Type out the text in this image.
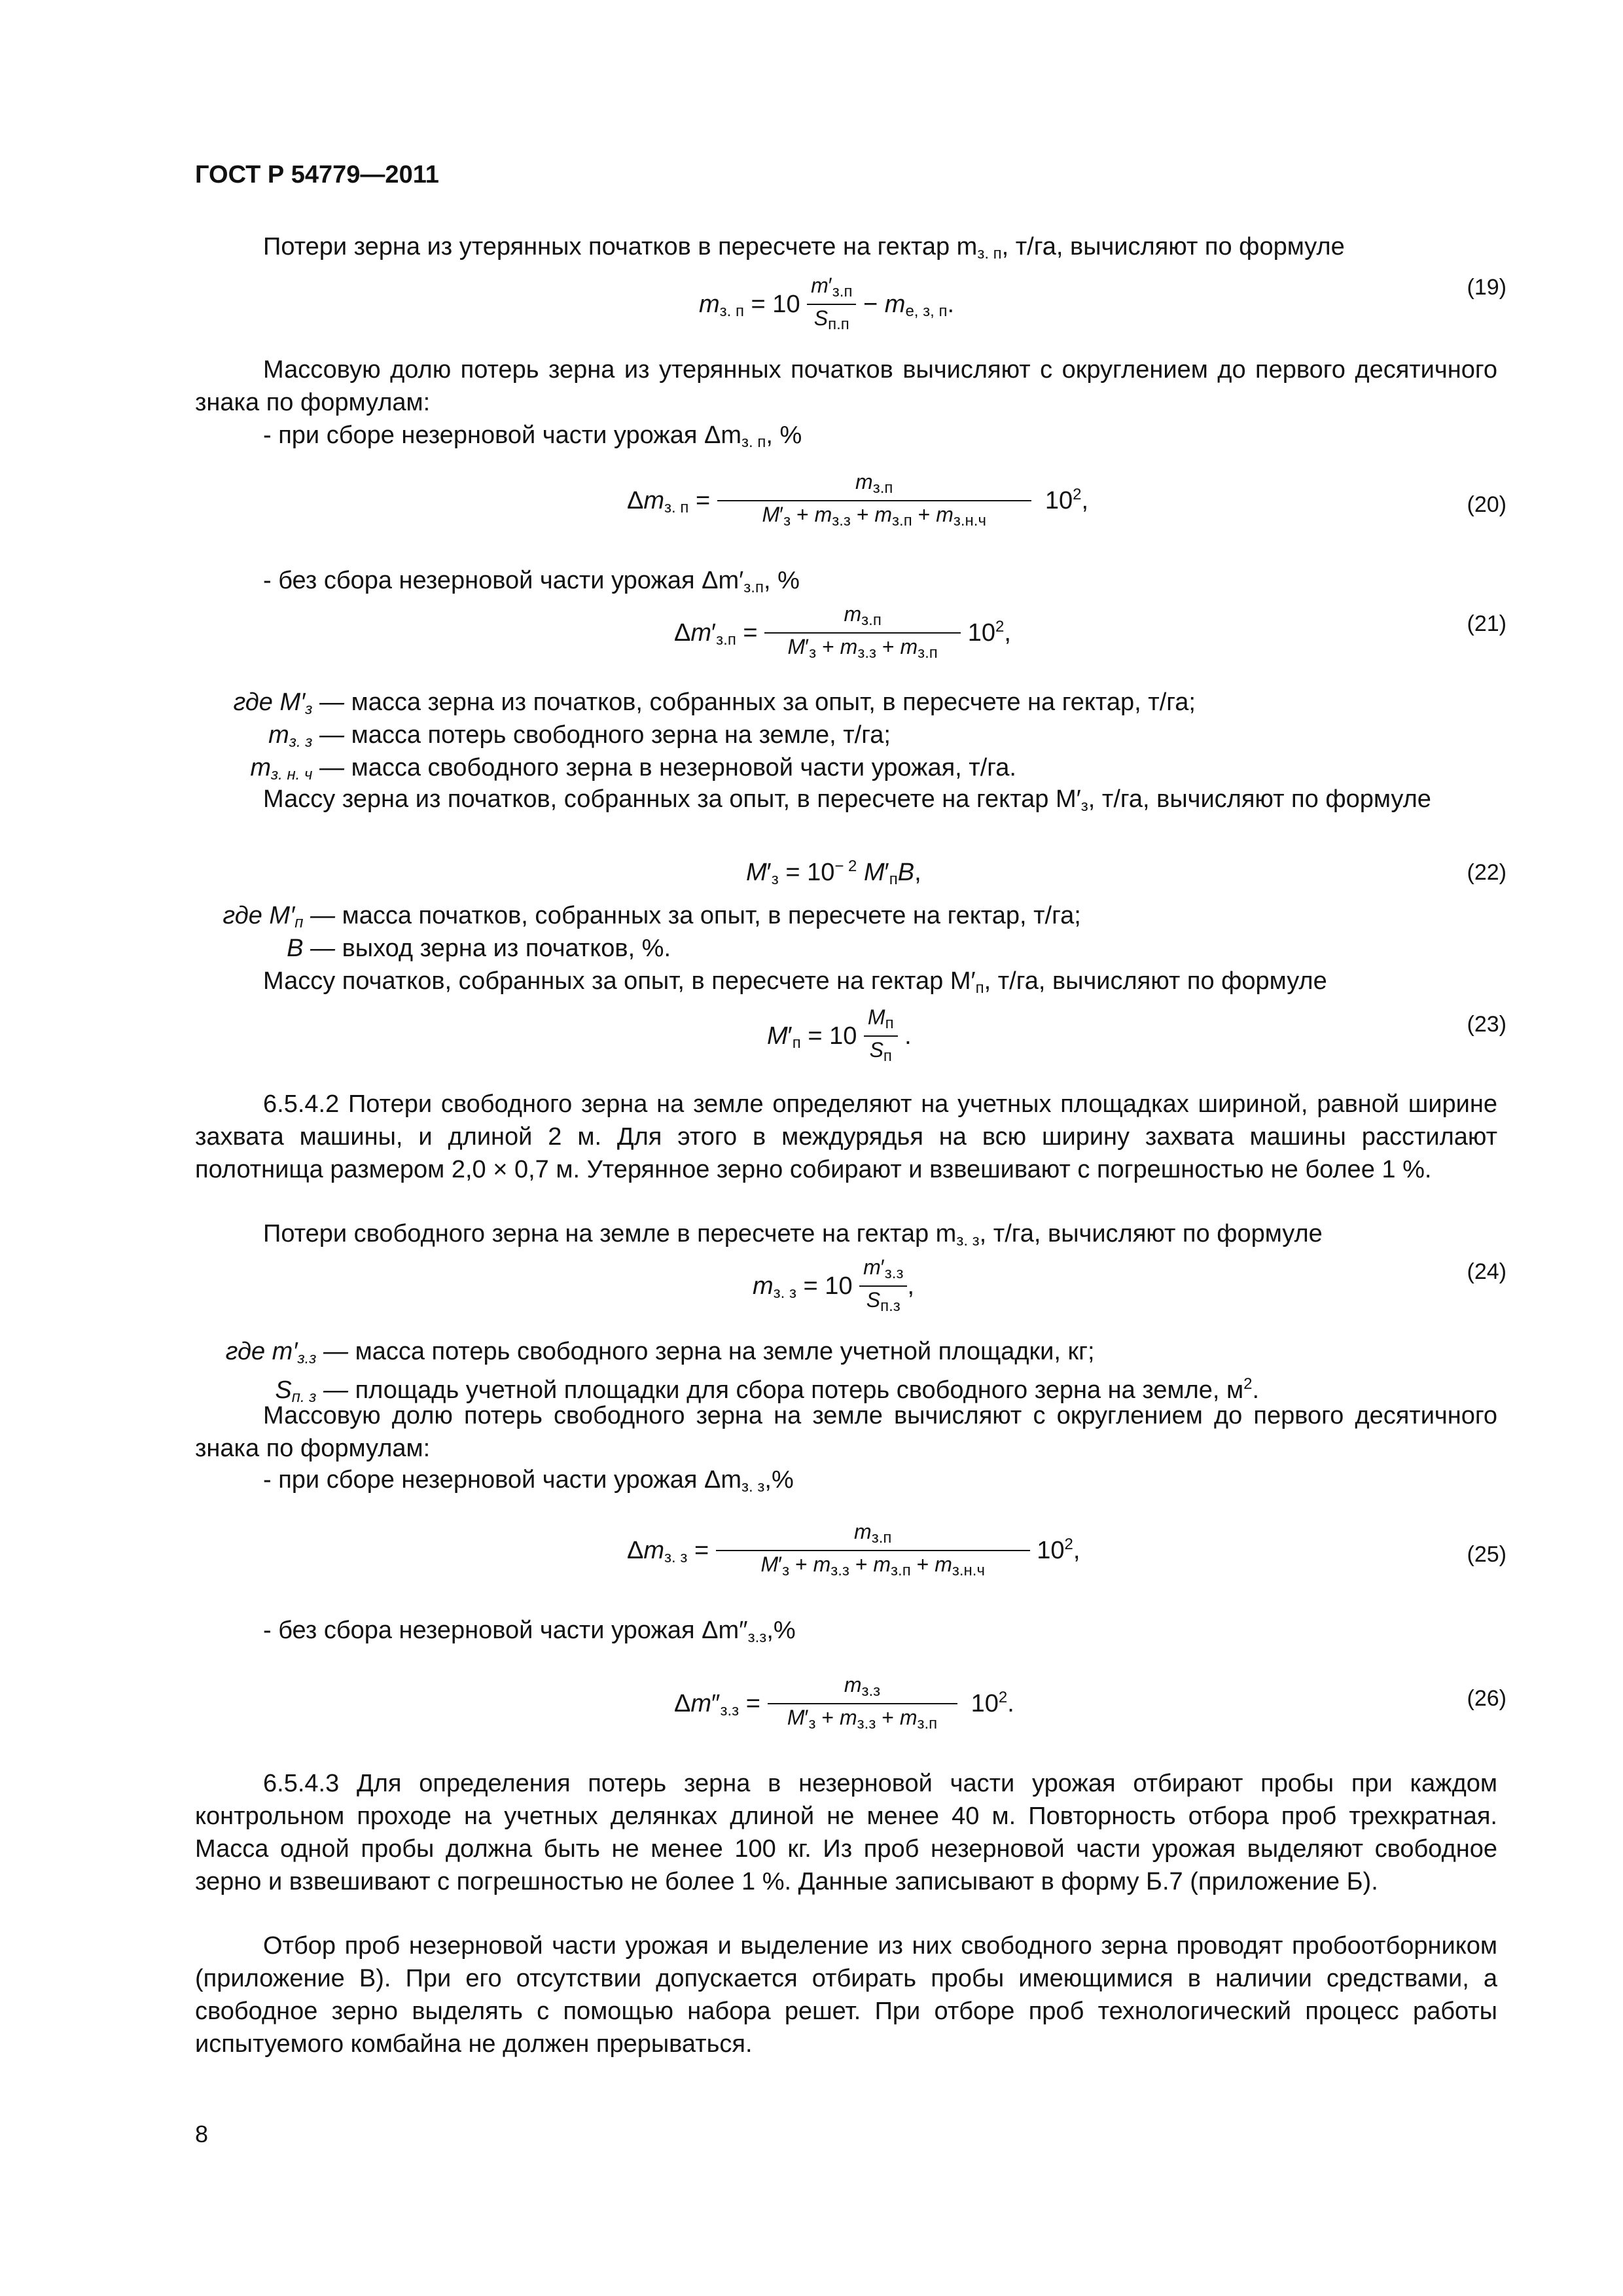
ГОСТ Р 54779—2011
Потери зерна из утерянных початков в пересчете на гектар $m_{з. п}$, т/га, вычисляют по формуле
$m_{з. п} = 10 \frac{m'_{з.п}}{S_{п.п}} - m_{е, з, п}$.
(19)
Массовую долю потерь зерна из утерянных початков вычисляют с округлением до первого десятичного знака по формулам:
- при сборе незерновой части урожая $\Delta m_{з. п}$, %
$\Delta m_{з. п} = \frac{m_{з.п}}{M'_з + m_{з.з} + m_{з.п} + m_{з.н.ч}} 10^2$,	(20)
- без сбора незерновой части урожая $\Delta m'_{з.п}$, %
$\Delta m'_{з.п} = \frac{m_{з.п}}{M'_з + m_{з.з} + m_{з.п}} 10^2$,	(21)
где $M'_з$ — масса зерна из початков, собранных за опыт, в пересчете на гектар, т/га;
$m_{з. з}$ — масса потерь свободного зерна на земле, т/га;
$m_{з. н. ч}$ — масса свободного зерна в незерновой части урожая, т/га.
Массу зерна из початков, собранных за опыт, в пересчете на гектар $M'_з$, т/га, вычисляют по формуле
$M'_з = 10^{- 2}$ $M'_пB$,	(22)
где $M'_п$ — масса початков, собранных за опыт, в пересчете на гектар, т/га;
B — выход зерна из початков, %.
Массу початков, собранных за опыт, в пересчете на гектар $M'_п$, т/га, вычисляют по формуле
$M'_п = 10 \frac{M_п}{S_п}$ .	(23)
6.5.4.2 Потери свободного зерна на земле определяют на учетных площадках шириной, равной ширине захвата машины, и длиной 2 м. Для этого в междурядья на всю ширину захвата машины расстилают полотнища размером 2,0 × 0,7 м. Утерянное зерно собирают и взвешивают с погрешностью не более 1 %.
Потери свободного зерна на земле в пересчете на гектар $m_{з. з}$, т/га, вычисляют по формуле
$m_{з. з} = 10 \frac{m'_{з.з}}{S_{п.з}}$ ,
(24)
где $m'_{з.з}$ — масса потерь свободного зерна на земле учетной площадки, кг;
$S_{п. з}$ — площадь учетной площадки для сбора потерь свободного зерна на земле, $м^2$.
Массовую долю потерь свободного зерна на земле вычисляют с округлением до первого десятичного знака по формулам:
- при сборе незерновой части урожая $\Delta m_{з. з},\%$
$\Delta m_{з. з} = \frac{m_{з.п}}{M'_з + m_{з.з} + m_{з.п} + m_{з.н.ч}} 10^2$,	(25)
- без сбора незерновой части урожая $\Delta m''_{з.з},\%$
$\Delta m''_{з.з} = \frac{m_{з.з}}{M'_з + m_{з.з} + m_{з.п}} 10^2$.	(26)
6.5.4.3 Для определения потерь зерна в незерновой части урожая отбирают пробы при каждом контрольном проходе на учетных делянках длиной не менее 40 м. Повторность отбора проб трехкратная. Масса одной пробы должна быть не менее 100 кг. Из проб незерновой части урожая выделяют свободное зерно и взвешивают с погрешностью не более 1 %. Данные записывают в форму Б.7 (приложение Б).
Отбор проб незерновой части урожая и выделение из них свободного зерна проводят пробоотборником (приложение В). При его отсутствии допускается отбирать пробы имеющимися в наличии средствами, а свободное зерно выделять с помощью набора решет. При отборе проб технологический процесс работы испытуемого комбайна не должен прерываться.
8
